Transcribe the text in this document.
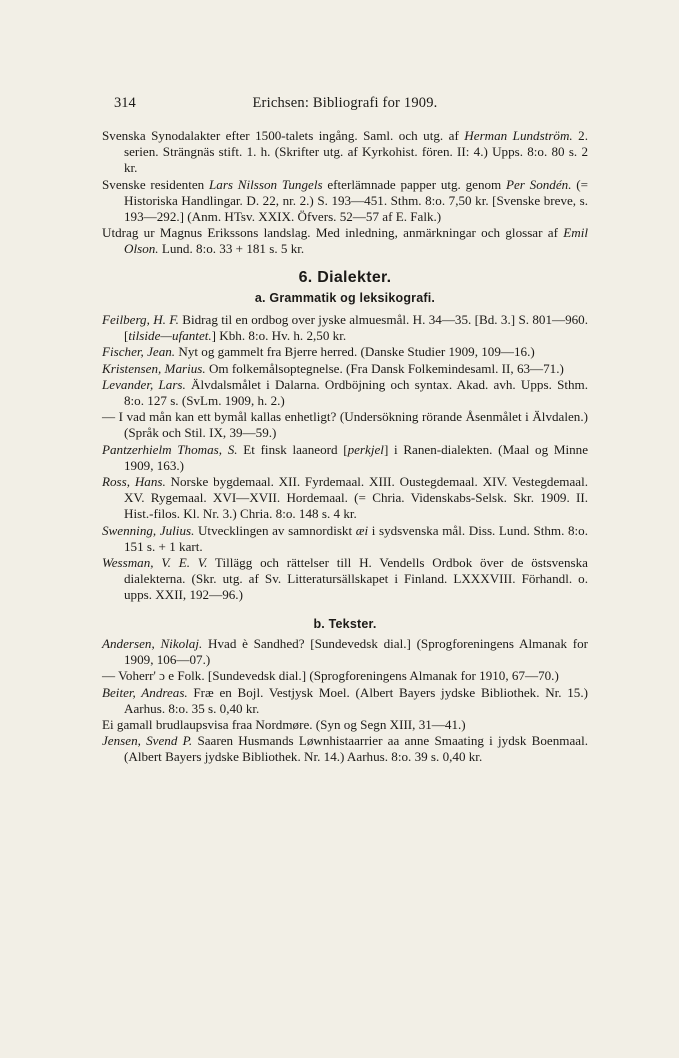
314	Erichsen: Bibliografi for 1909.

Svenska Synodalakter efter 1500-talets ingång. Saml. och utg. af Herman Lundström. 2. serien. Strängnäs stift. 1. h. (Skrifter utg. af Kyrkohist. fören. II: 4.) Upps. 8:o. 80 s. 2 kr.

Svenske residenten Lars Nilsson Tungels efterlämnade papper utg. genom Per Sondén. (= Historiska Handlingar. D. 22, nr. 2.) S. 193—451. Sthm. 8:o. 7,50 kr. [Svenske breve, s. 193—292.] (Anm. HTsv. XXIX. Öfvers. 52—57 af E. Falk.)

Utdrag ur Magnus Erikssons landslag. Med inledning, anmärkningar och glossar af Emil Olson. Lund. 8:o. 33 + 181 s. 5 kr.

6. Dialekter.
a. Grammatik og leksikografi.

Feilberg, H. F. Bidrag til en ordbog over jyske almuesmål. H. 34—35. [Bd. 3.] S. 801—960. [tilside—ufantet.] Kbh. 8:o. Hv. h. 2,50 kr.

Fischer, Jean. Nyt og gammelt fra Bjerre herred. (Danske Studier 1909, 109—16.)

Kristensen, Marius. Om folkemålsoptegnelse. (Fra Dansk Folkemindesaml. II, 63—71.)

Levander, Lars. Älvdalsmålet i Dalarna. Ordböjning och syntax. Akad. avh. Upps. Sthm. 8:o. 127 s. (SvLm. 1909, h. 2.)

— I vad mån kan ett bymål kallas enhetligt? (Undersökning rörande Åsenmålet i Älvdalen.) (Språk och Stil. IX, 39—59.)

Pantzerhielm Thomas, S. Et finsk laaneord [perkjel] i Ranen-dialekten. (Maal og Minne 1909, 163.)

Ross, Hans. Norske bygdemaal. XII. Fyrdemaal. XIII. Oustegdemaal. XIV. Vestegdemaal. XV. Rygemaal. XVI—XVII. Hordemaal. (= Chria. Videnskabs-Selsk. Skr. 1909. II. Hist.-filos. Kl. Nr. 3.) Chria. 8:o. 148 s. 4 kr.

Swenning, Julius. Utvecklingen av samnordiskt æi i sydsvenska mål. Diss. Lund. Sthm. 8:o. 151 s. + 1 kart.

Wessman, V. E. V. Tillägg och rättelser till H. Vendells Ordbok över de östsvenska dialekterna. (Skr. utg. af Sv. Litteratursällskapet i Finland. LXXXVIII. Förhandl. o. upps. XXII, 192—96.)

b. Tekster.

Andersen, Nikolaj. Hvad è Sandhed? [Sundevedsk dial.] (Sprogforeningens Almanak for 1909, 106—07.)

— Voherr' ɔ e Folk. [Sundevedsk dial.] (Sprogforeningens Almanak for 1910, 67—70.)

Beiter, Andreas. Fræ en Bojl. Vestjysk Moel. (Albert Bayers jydske Bibliothek. Nr. 15.) Aarhus. 8:o. 35 s. 0,40 kr.

Ei gamall brudlaupsvisa fraa Nordmøre. (Syn og Segn XIII, 31—41.)

Jensen, Svend P. Saaren Husmands Løwnhistaarrier aa anne Smaating i jydsk Boenmaal. (Albert Bayers jydske Bibliothek. Nr. 14.) Aarhus. 8:o. 39 s. 0,40 kr.
